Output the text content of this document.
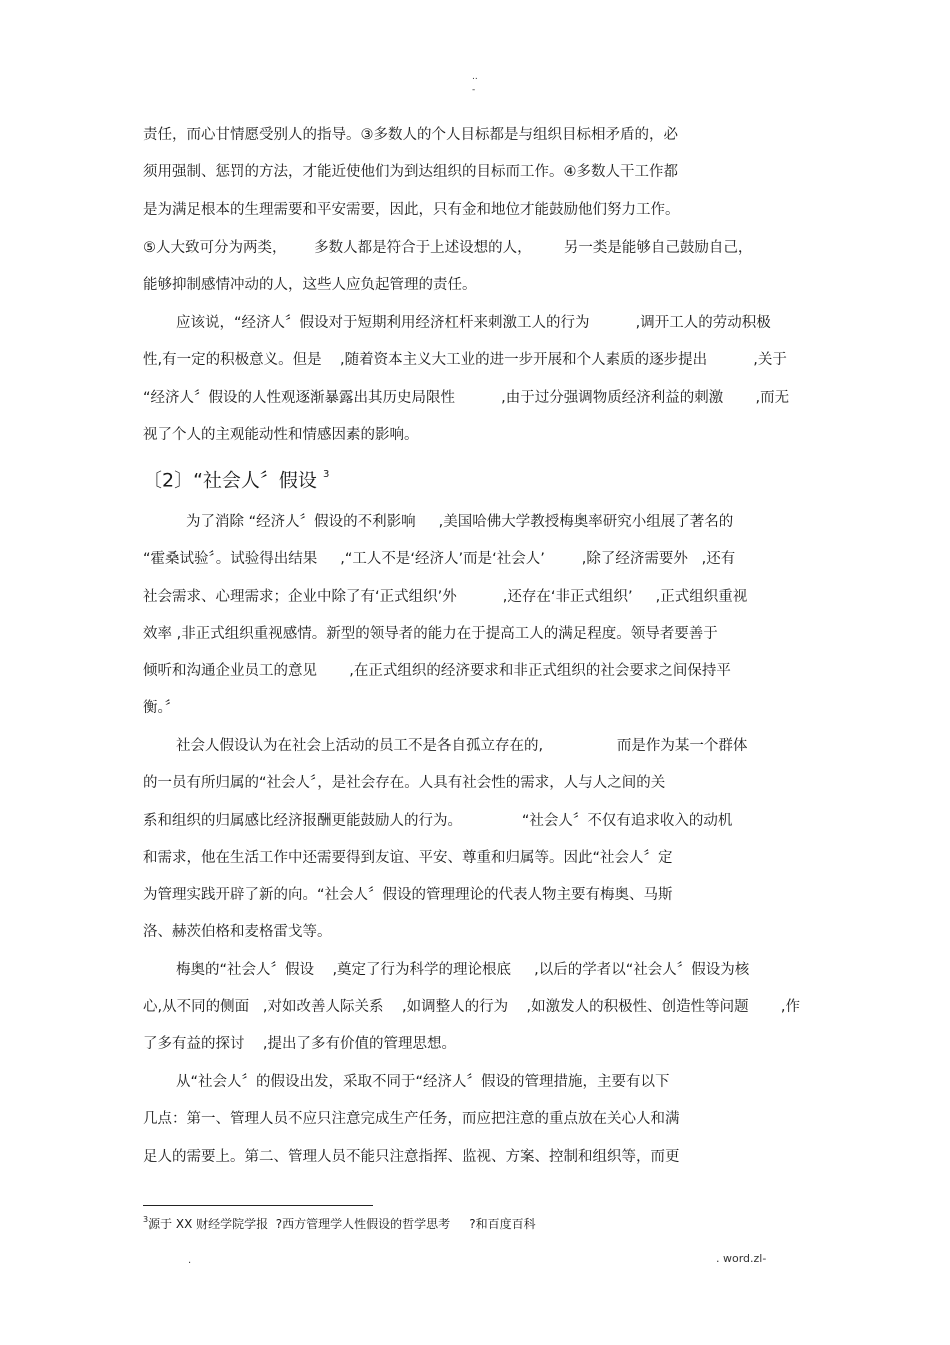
..
-
责任，而心甘情愿受别人的指导。③多数人的个人目标都是与组织目标相矛盾的，必
须用强制、惩罚的方法，才能近使他们为到达组织的目标而工作。④多数人干工作都
是为满足根本的生理需要和平安需要，因此，只有金和地位才能鼓励他们努力工作。
⑤人大致可分为两类，      多数人都是符合于上述设想的人，       另一类是能够自己鼓励自己，
能够抑制感情冲动的人，这些人应负起管理的责任。
应该说，“经济人〞假设对于短期利用经济杠杆来刺激工人的行为          ,调开工人的劳动积极
性,有一定的积极意义。但是    ,随着资本主义大工业的进一步开展和个人素质的逐步提出          ,关于
“经济人〞假设的人性观逐渐暴露出其历史局限性          ,由于过分强调物质经济利益的刺激       ,而无
视了个人的主观能动性和情感因素的影响。
〔2〕“社会人〞假设 $^3$
为了消除 “经济人〞假设的不利影响     ,美国哈佛大学教授梅奥率研究小组展了著名的
“霍桑试验〞。试验得出结果     ,“工人不是‘经济人’而是‘社会人’        ,除了经济需要外   ,还有
社会需求、心理需求；企业中除了有‘正式组织’外          ,还存在‘非正式组织’     ,正式组织重视
效率 ,非正式组织重视感情。新型的领导者的能力在于提高工人的满足程度。领导者要善于
倾听和沟通企业员工的意见       ,在正式组织的经济要求和非正式组织的社会要求之间保持平
衡。〞
社会人假设认为在社会上活动的员工不是各自孤立存在的,                而是作为某一个群体
的一员有所归属的“社会人〞，是社会存在。人具有社会性的需求，人与人之间的关
系和组织的归属感比经济报酬更能鼓励人的行为。             “社会人〞不仅有追求收入的动机
和需求，他在生活工作中还需要得到友谊、平安、尊重和归属等。因此“社会人〞定
为管理实践开辟了新的向。“社会人〞假设的管理理论的代表人物主要有梅奥、马斯
洛、赫茨伯格和麦格雷戈等。
梅奥的“社会人〞假设    ,奠定了行为科学的理论根底     ,以后的学者以“社会人〞假设为核
心,从不同的侧面   ,对如改善人际关系    ,如调整人的行为    ,如激发人的积极性、创造性等问题       ,作
了多有益的探讨    ,提出了多有价值的管理思想。
从“社会人〞的假设出发，采取不同于“经济人〞假设的管理措施，主要有以下
几点：第一、管理人员不应只注意完成生产任务，而应把注意的重点放在关心人和满
足人的需要上。第二、管理人员不能只注意指挥、监视、方案、控制和组织等，而更
$^3$源于 XX 财经学院学报  ?西方管理学人性假设的哲学思考     ?和百度百科
.	. word.zl-
